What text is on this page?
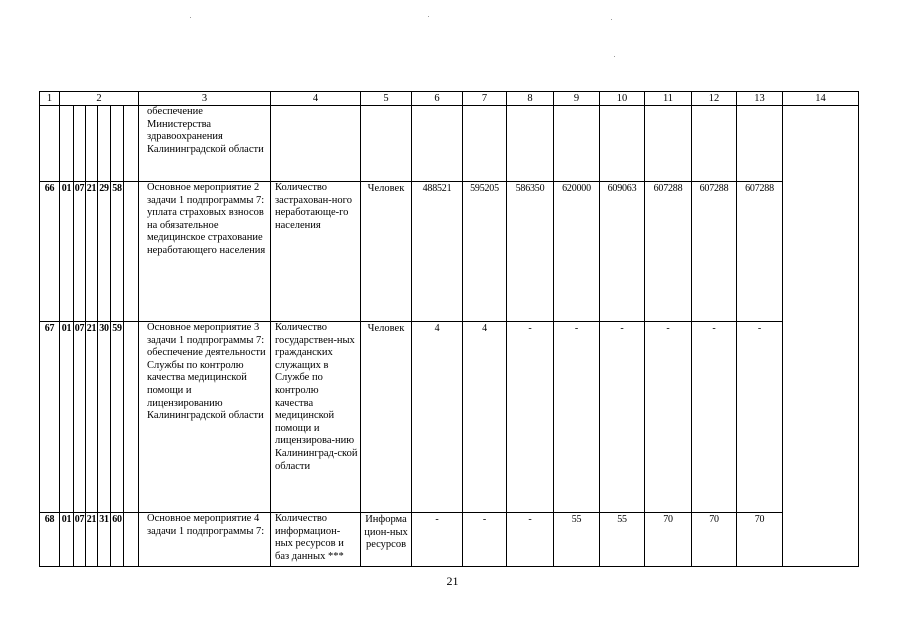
1	2						3	4	5	6	7	8	9	10	11	12	13	14
							обеспечение Министерства здравоохранения Калининградской области											
66	01	07	21	29	58		Основное мероприятие 2 задачи 1 подпрограммы 7: уплата страховых взносов на обязательное медицинское страхование неработающего населения	Количество застрахован-ного неработающе-го населения	Человек	488521	595205	586350	620000	609063	607288	607288	607288	
67	01	07	21	30	59		Основное мероприятие 3 задачи 1 подпрограммы 7: обеспечение деятельности Службы по контролю качества медицинской помощи и лицензированию Калининградской области	Количество государствен-ных гражданских служащих в Службе по контролю качества медицинской помощи и лицензирова-нию Калининград-ской области	Человек	4	4	-	-	-	-	-	-	
68	01	07	21	31	60		Основное мероприятие 4 задачи 1 подпрограммы 7:	Количество информацион-ных ресурсов и баз данных ***	Информа цион-ных ресурсов	-	-	-	55	55	70	70	70	
21
